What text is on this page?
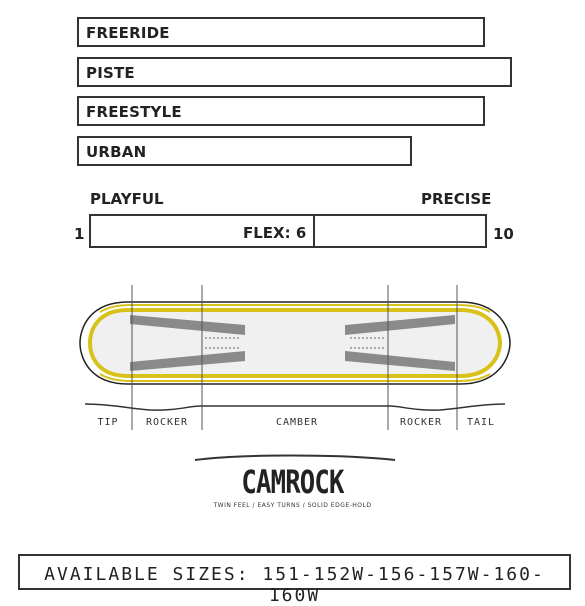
FREERIDE
PISTE
FREESTYLE
URBAN
PLAYFUL	PRECISE
1	10
FLEX: 6
TIP	ROCKER	CAMBER	ROCKER TAIL
CAMROCK
TWIN FEEL / EASY TURNS / SOLID EDGE-HOLD
AVAILABLE SIZES: 151-152W-156-157W-160-160W
